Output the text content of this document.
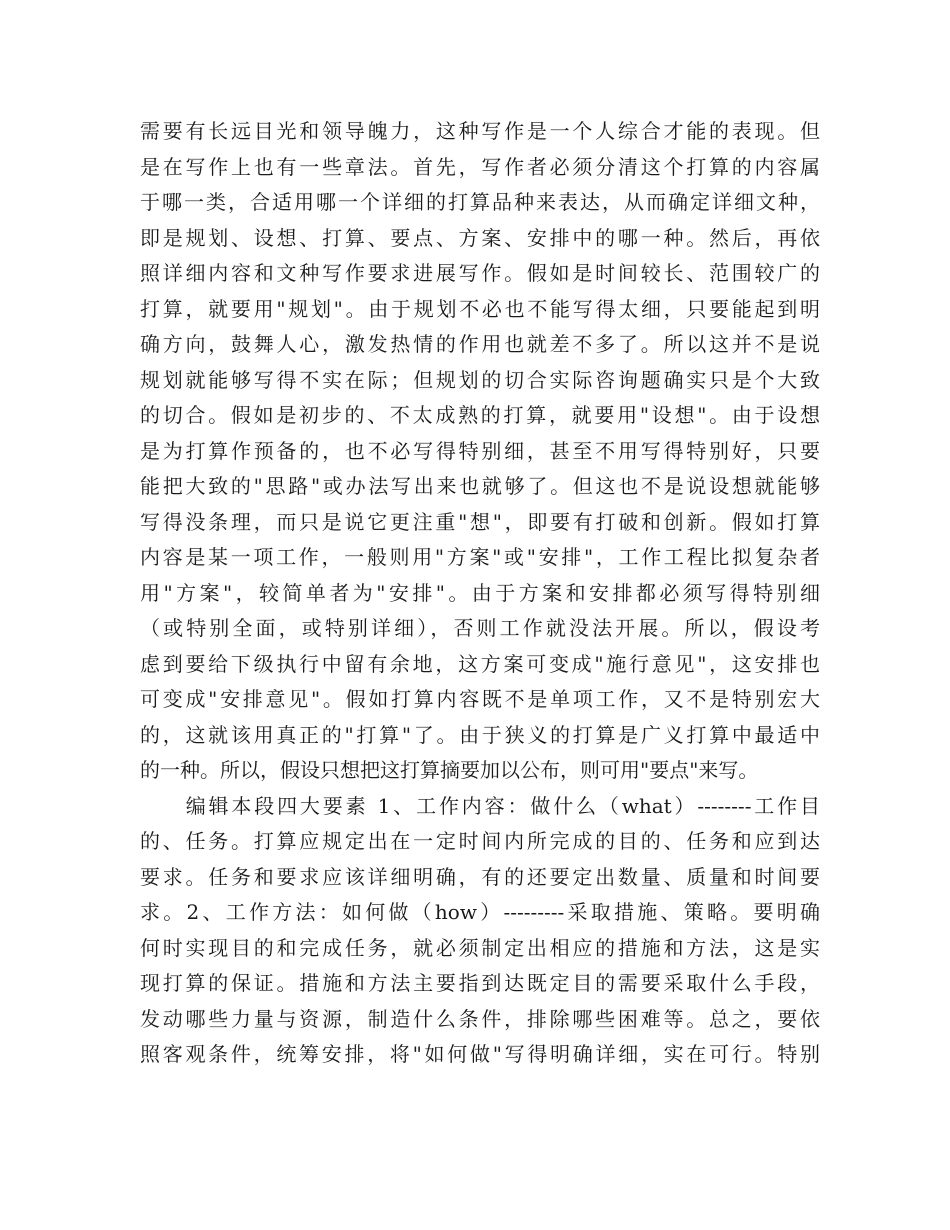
需要有长远目光和领导魄力，这种写作是一个人综合才能的表现。但
是在写作上也有一些章法。首先，写作者必须分清这个打算的内容属
于哪一类，合适用哪一个详细的打算品种来表达，从而确定详细文种，
即是规划、设想、打算、要点、方案、安排中的哪一种。然后，再依
照详细内容和文种写作要求进展写作。假如是时间较长、范围较广的
打算，就要用"规划"。由于规划不必也不能写得太细，只要能起到明
确方向，鼓舞人心，激发热情的作用也就差不多了。所以这并不是说
规划就能够写得不实在际；但规划的切合实际咨询题确实只是个大致
的切合。假如是初步的、不太成熟的打算，就要用"设想"。由于设想
是为打算作预备的，也不必写得特别细，甚至不用写得特别好，只要
能把大致的"思路"或办法写出来也就够了。但这也不是说设想就能够
写得没条理，而只是说它更注重"想"，即要有打破和创新。假如打算
内容是某一项工作，一般则用"方案"或"安排"，工作工程比拟复杂者
用"方案"，较简单者为"安排"。由于方案和安排都必须写得特别细
（或特别全面，或特别详细），否则工作就没法开展。所以，假设考
虑到要给下级执行中留有余地，这方案可变成"施行意见"，这安排也
可变成"安排意见"。假如打算内容既不是单项工作，又不是特别宏大
的，这就该用真正的"打算"了。由于狭义的打算是广义打算中最适中
的一种。所以，假设只想把这打算摘要加以公布，则可用"要点"来写。
　　编辑本段四大要素 1、工作内容：做什么（what）--------工作目
的、任务。打算应规定出在一定时间内所完成的目的、任务和应到达
要求。任务和要求应该详细明确，有的还要定出数量、质量和时间要
求。2、工作方法：如何做（how）---------采取措施、策略。要明确
何时实现目的和完成任务，就必须制定出相应的措施和方法，这是实
现打算的保证。措施和方法主要指到达既定目的需要采取什么手段，
发动哪些力量与资源，制造什么条件，排除哪些困难等。总之，要依
照客观条件，统筹安排，将"如何做"写得明确详细，实在可行。特别
